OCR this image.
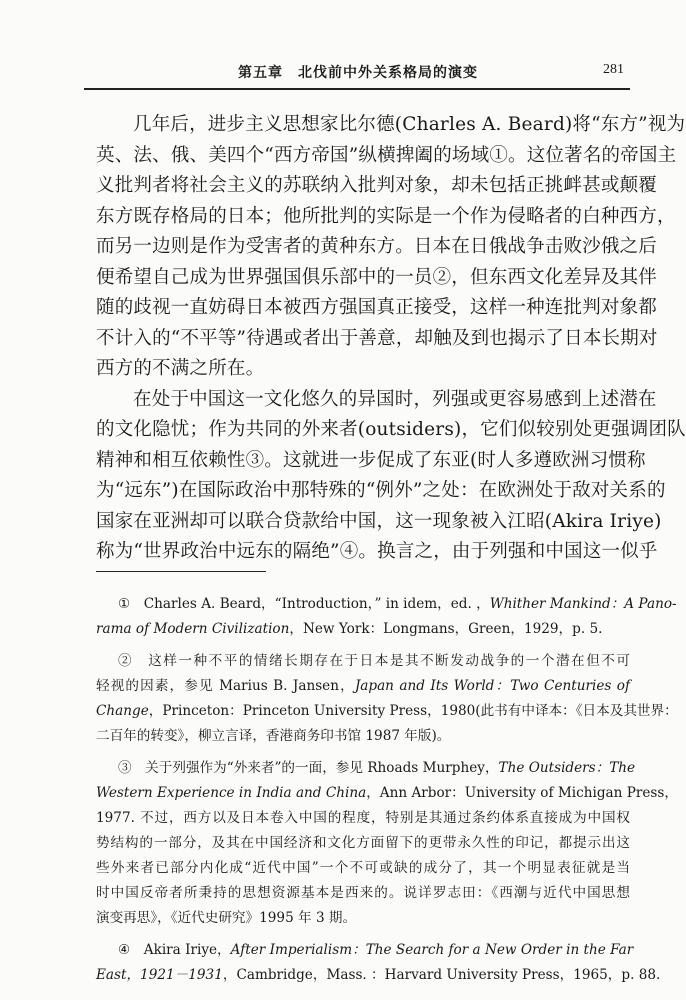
第五章　北伐前中外关系格局的演变	281

几年后，进步主义思想家比尔德(Charles A. Beard)将“东方”视为
英、法、俄、美四个“西方帝国”纵横捭阖的场域①。这位著名的帝国主
义批判者将社会主义的苏联纳入批判对象，却未包括正挑衅甚或颠覆
东方既存格局的日本；他所批判的实际是一个作为侵略者的白种西方，
而另一边则是作为受害者的黄种东方。日本在日俄战争击败沙俄之后
便希望自己成为世界强国俱乐部中的一员②，但东西文化差异及其伴
随的歧视一直妨碍日本被西方强国真正接受，这样一种连批判对象都
不计入的“不平等”待遇或者出于善意，却触及到也揭示了日本长期对
西方的不满之所在。

在处于中国这一文化悠久的异国时，列强或更容易感到上述潜在
的文化隐忧；作为共同的外来者(outsiders)，它们似较别处更强调团队
精神和相互依赖性③。这就进一步促成了东亚(时人多遵欧洲习惯称
为“远东”)在国际政治中那特殊的“例外”之处：在欧洲处于敌对关系的
国家在亚洲却可以联合贷款给中国，这一现象被入江昭(Akira Iriye)
称为“世界政治中远东的隔绝”④。换言之，由于列强和中国这一似乎

①　Charles A. Beard，“Introduction，” in idem，ed. ，Whither Mankind：A Pano-
rama of Modern Civilization，New York：Longmans，Green，1929，p. 5.
②　这样一种不平的情绪长期存在于日本是其不断发动战争的一个潜在但不可
轻视的因素，参见 Marius B. Jansen，Japan and Its World：Two Centuries of
Change，Princeton：Princeton University Press，1980(此书有中译本：《日本及其世界：
二百年的转变》，柳立言译，香港商务印书馆 1987 年版)。
③　关于列强作为“外来者”的一面，参见 Rhoads Murphey，The Outsiders：The
Western Experience in India and China，Ann Arbor：University of Michigan Press，
1977. 不过，西方以及日本卷入中国的程度，特别是其通过条约体系直接成为中国权
势结构的一部分，及其在中国经济和文化方面留下的更带永久性的印记，都提示出这
些外来者已部分内化成“近代中国”一个不可或缺的成分了，其一个明显表征就是当
时中国反帝者所秉持的思想资源基本是西来的。说详罗志田：《西潮与近代中国思想
演变再思》，《近代史研究》1995 年 3 期。
④　Akira Iriye，After Imperialism：The Search for a New Order in the Far
East，1921－1931，Cambridge，Mass. ：Harvard University Press，1965，p. 88.
